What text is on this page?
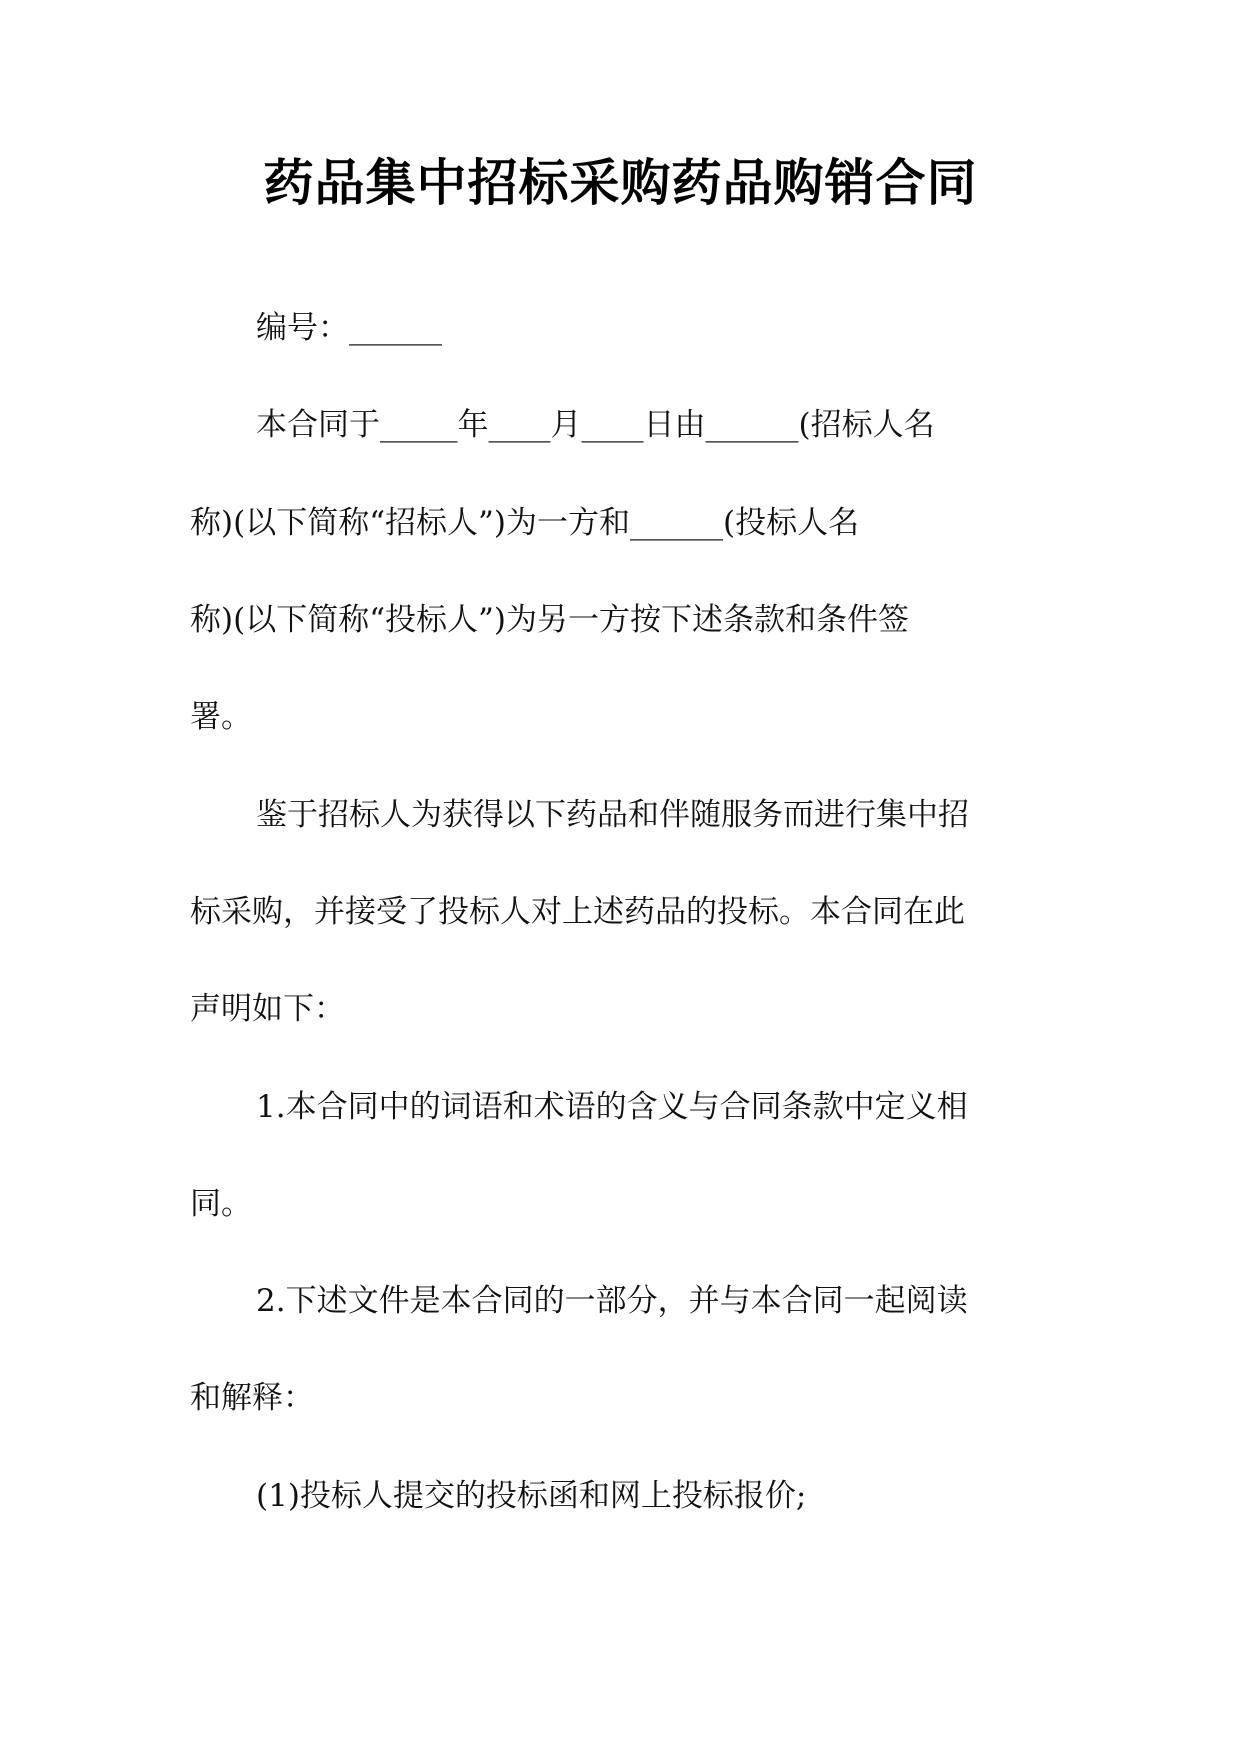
药品集中招标采购药品购销合同
编号：______
本合同于_____年____月____日由______(招标人名
称)(以下简称“招标人”)为一方和______(投标人名
称)(以下简称“投标人”)为另一方按下述条款和条件签
署。
鉴于招标人为获得以下药品和伴随服务而进行集中招
标采购，并接受了投标人对上述药品的投标。本合同在此
声明如下：
1.本合同中的词语和术语的含义与合同条款中定义相
同。
2.下述文件是本合同的一部分，并与本合同一起阅读
和解释：
(1)投标人提交的投标函和网上投标报价;
